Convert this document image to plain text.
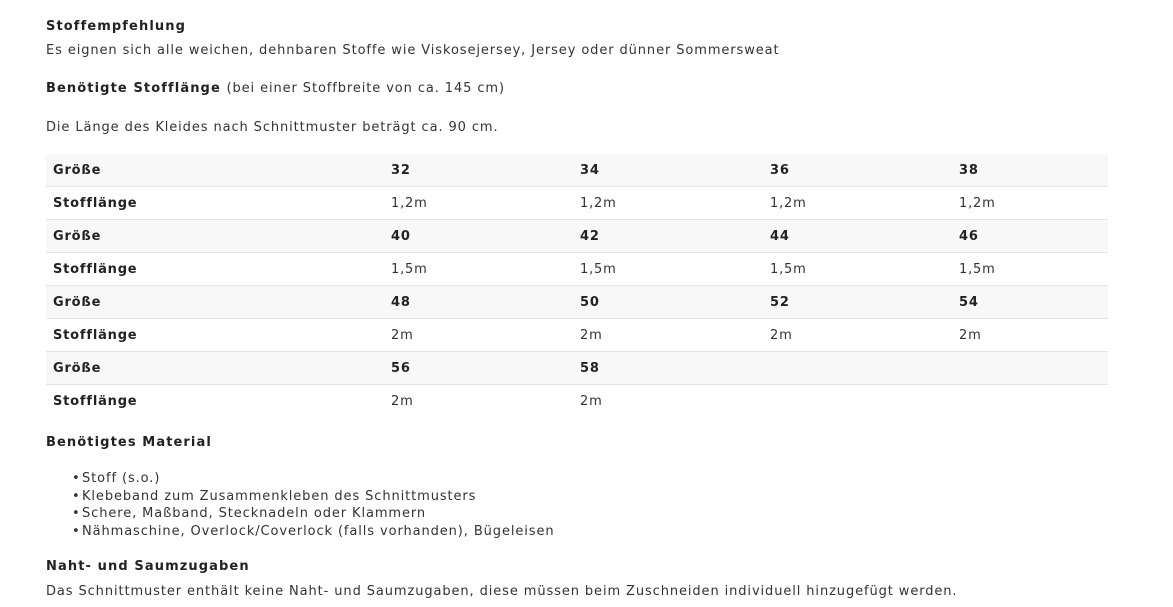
Stoffempfehlung

Es eignen sich alle weichen, dehnbaren Stoffe wie Viskosejersey, Jersey oder dünner Sommersweat

Benötigte Stofflänge (bei einer Stoffbreite von ca. 145 cm)

Die Länge des Kleides nach Schnittmuster beträgt ca. 90 cm.

Größe	32	34	36	38
Stofflänge	1,2m	1,2m	1,2m	1,2m
Größe	40	42	44	46
Stofflänge	1,5m	1,5m	1,5m	1,5m
Größe	48	50	52	54
Stofflänge	2m	2m	2m	2m
Größe	56	58		
Stofflänge	2m	2m		
Benötigtes Material
• Stoff (s.o.)
• Klebeband zum Zusammenkleben des Schnittmusters
• Schere, Maßband, Stecknadeln oder Klammern
• Nähmaschine, Overlock/Coverlock (falls vorhanden), Bügeleisen
Naht- und Saumzugaben

Das Schnittmuster enthält keine Naht- und Saumzugaben, diese müssen beim Zuschneiden individuell hinzugefügt werden.
